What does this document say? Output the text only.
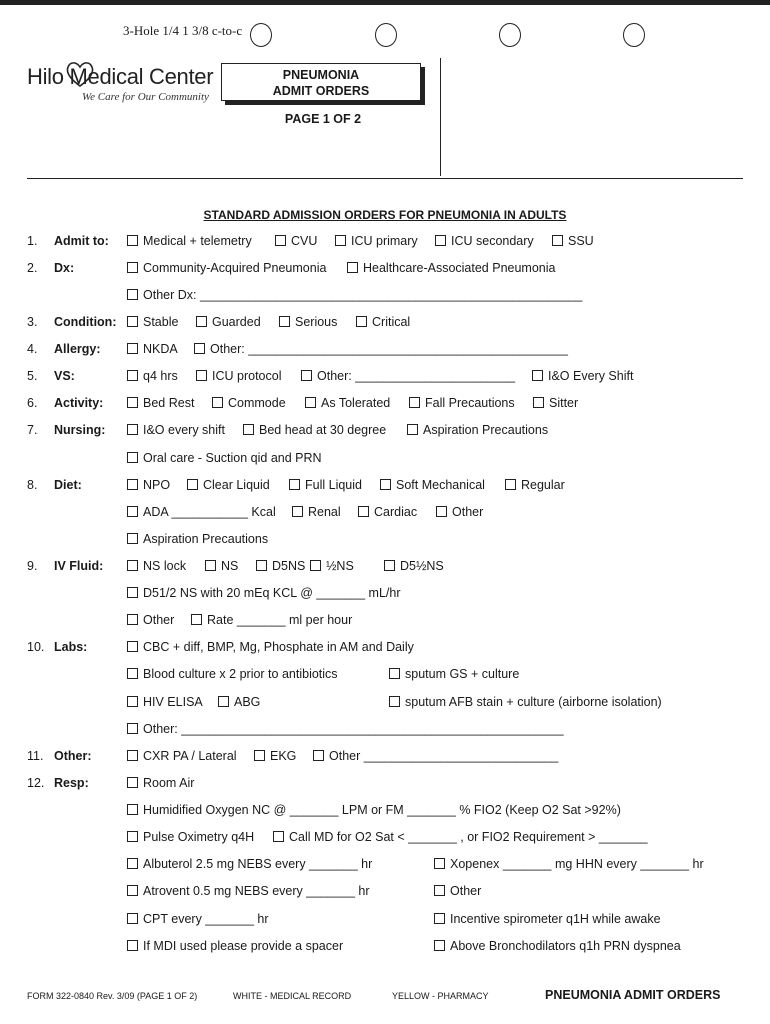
3-Hole 1/4 1 3/8 c-to-c
Hilo Medical Center
We Care for Our Community
PNEUMONIA
ADMIT ORDERS
PAGE 1 OF 2
STANDARD ADMISSION ORDERS FOR PNEUMONIA IN ADULTS
1. Admit to:	Medical + telemetry	CVU	ICU primary	ICU secondary	SSU
2. Dx:	Community-Acquired Pneumonia	Healthcare-Associated Pneumonia
Other Dx: _______________________________________________________
3. Condition:	Stable	Guarded	Serious	Critical
4. Allergy:	NKDA	Other: ______________________________________________
5. VS:	q4 hrs	ICU protocol	Other: _______________________	I&O Every Shift
6. Activity:	Bed Rest	Commode	As Tolerated	Fall Precautions	Sitter
7. Nursing:	I&O every shift	Bed head at 30 degree	Aspiration Precautions
Oral care - Suction qid and PRN
8. Diet:	NPO	Clear Liquid	Full Liquid	Soft Mechanical	Regular
ADA ___________ Kcal	Renal	Cardiac	Other
Aspiration Precautions
9. IV Fluid:	NS lock	NS	D5NS	½NS	D5½NS
D51/2 NS with 20 mEq KCL @ _______ mL/hr
Other	Rate _______ ml per hour
10. Labs:	CBC + diff, BMP, Mg, Phosphate in AM and Daily
Blood culture x 2 prior to antibiotics	sputum GS + culture
HIV ELISA	ABG	sputum AFB stain + culture (airborne isolation)
Other: _______________________________________________________
11. Other:	CXR PA / Lateral	EKG	Other ____________________________
12. Resp:	Room Air
Humidified Oxygen NC @ _______ LPM or FM _______ % FIO2 (Keep O2 Sat >92%)
Pulse Oximetry q4H	Call MD for O2 Sat < _______ , or FIO2 Requirement > _______
Albuterol 2.5 mg NEBS every _______ hr	Xopenex _______ mg HHN every _______ hr
Atrovent 0.5 mg NEBS every _______ hr	Other
CPT every _______ hr	Incentive spirometer q1H while awake
If MDI used please provide a spacer	Above Bronchodilators q1h PRN dyspnea
FORM 322-0840 Rev. 3/09 (PAGE 1 OF 2)	WHITE - MEDICAL RECORD	YELLOW - PHARMACY	PNEUMONIA ADMIT ORDERS
